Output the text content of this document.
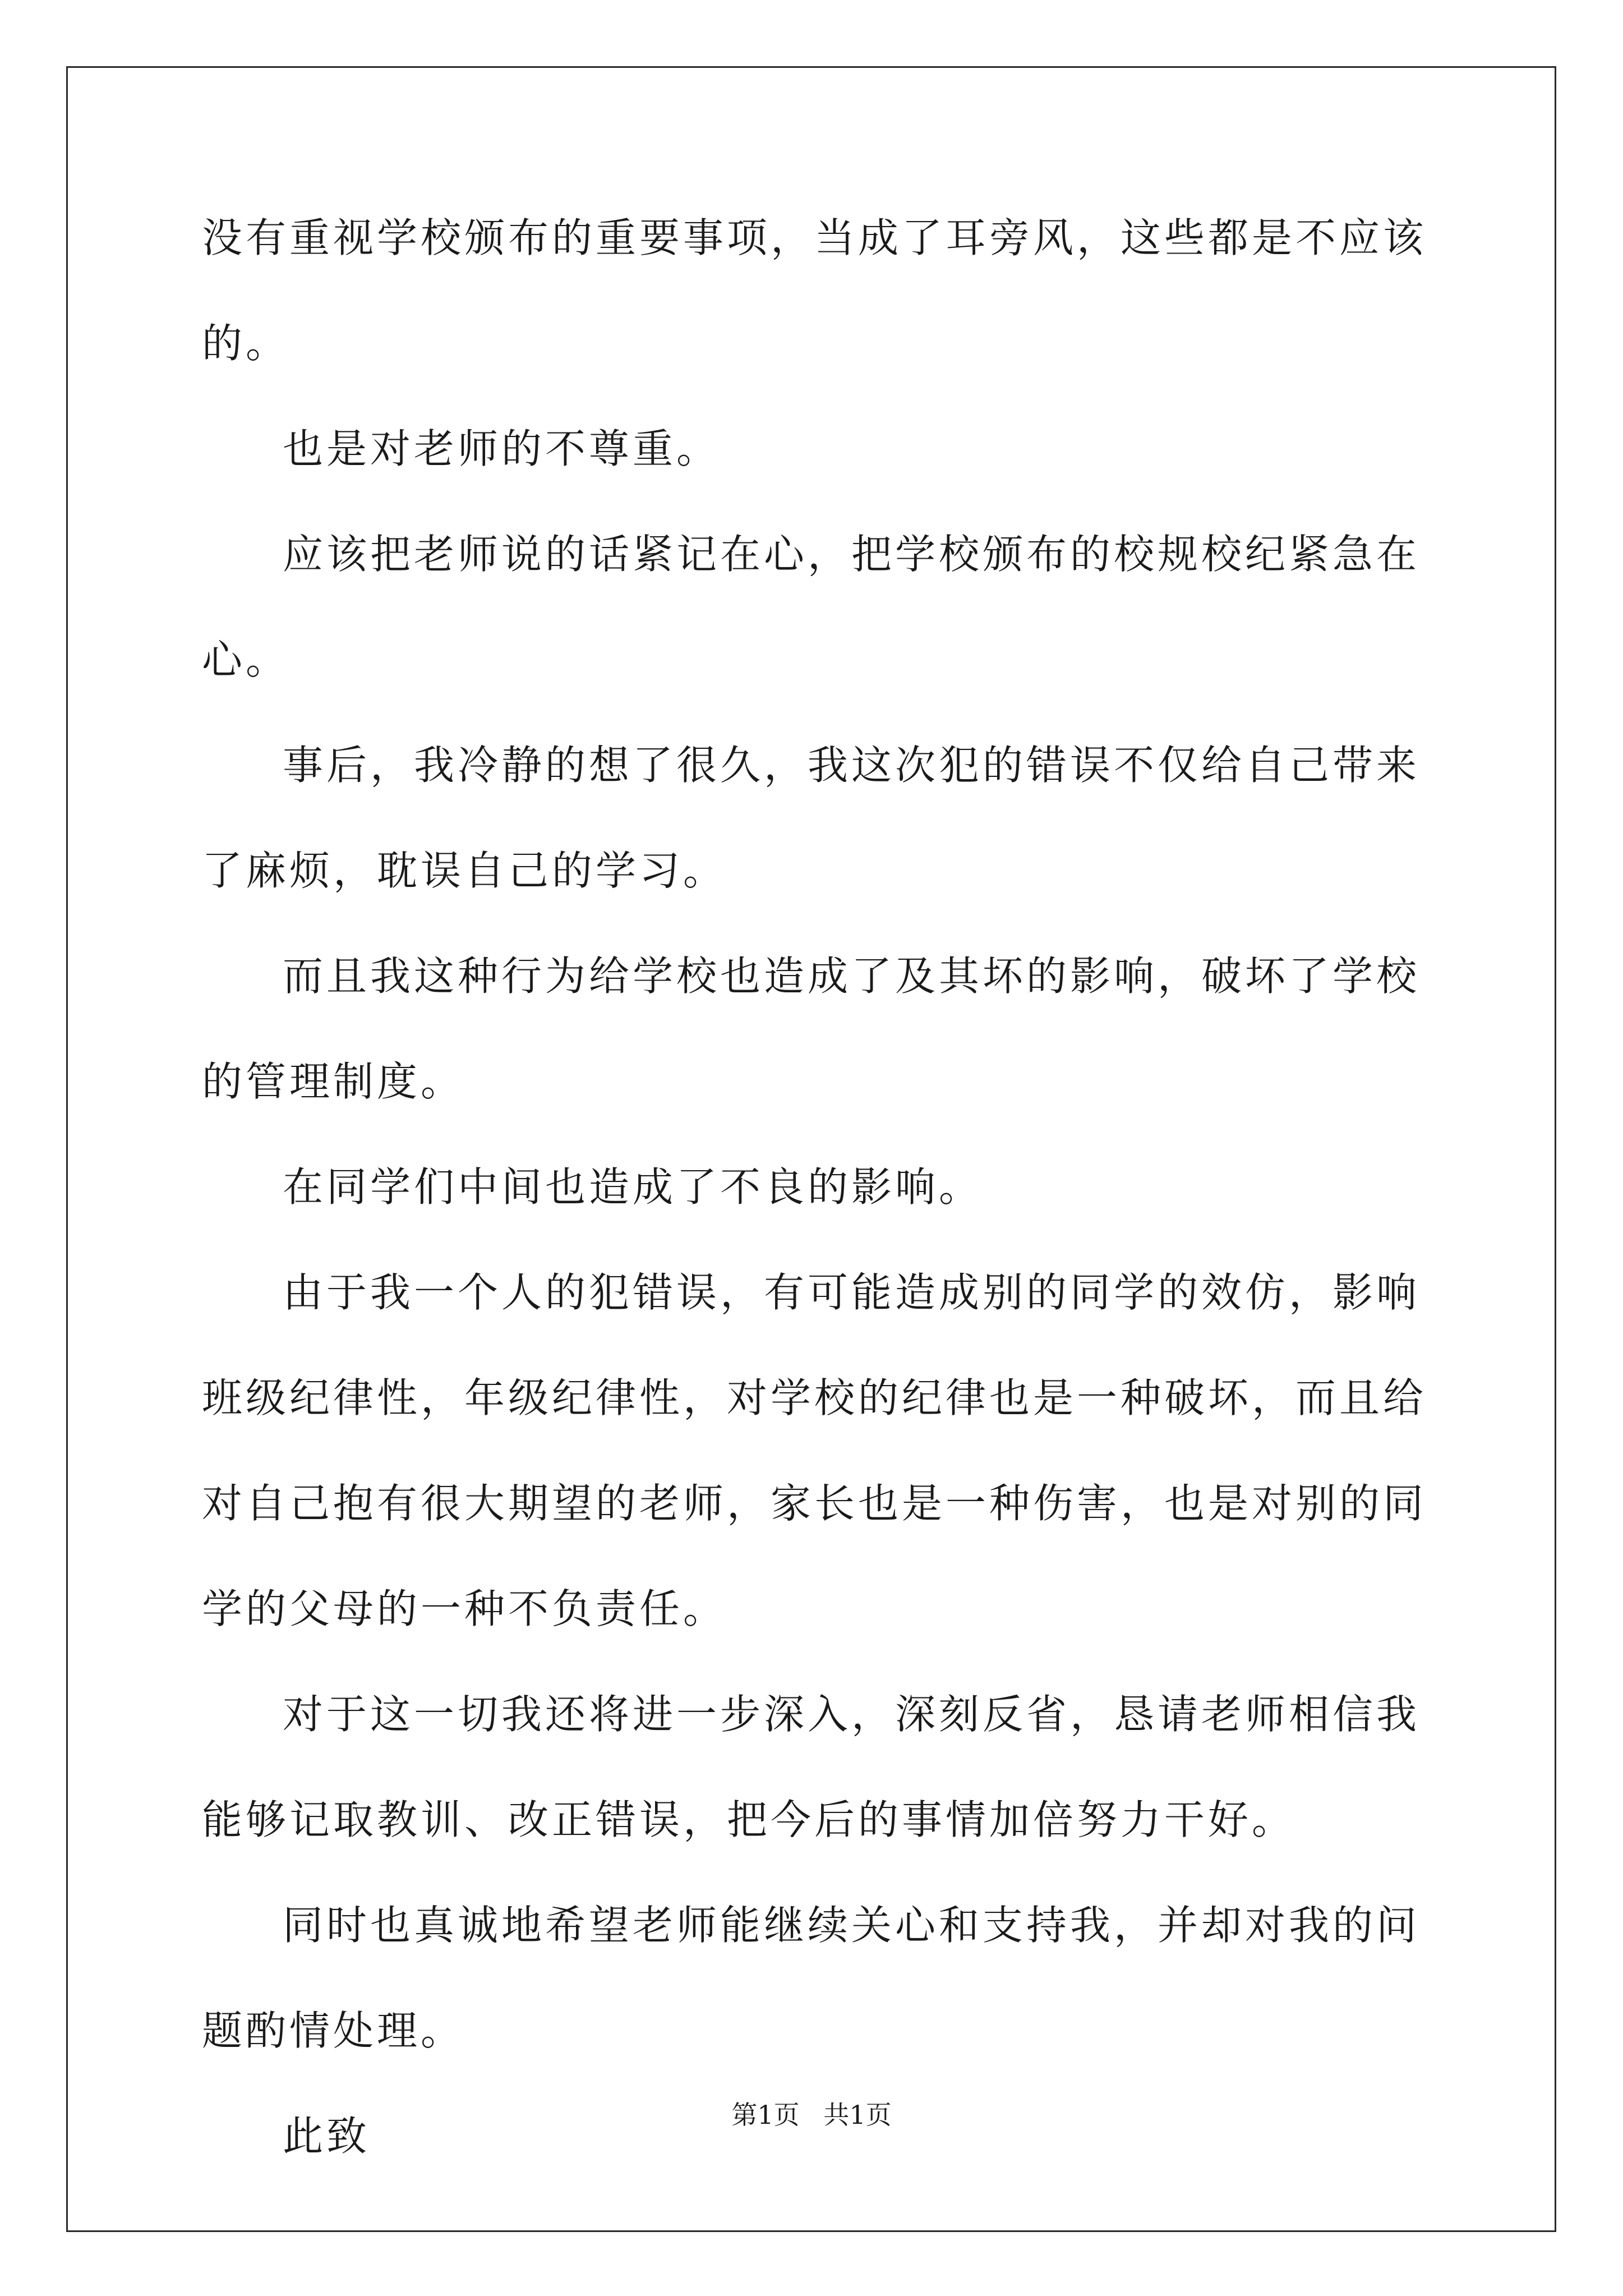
没有重视学校颁布的重要事项，当成了耳旁风，这些都是不应该的。

也是对老师的不尊重。

应该把老师说的话紧记在心，把学校颁布的校规校纪紧急在心。

事后，我冷静的想了很久，我这次犯的错误不仅给自己带来了麻烦，耽误自己的学习。

而且我这种行为给学校也造成了及其坏的影响，破坏了学校的管理制度。

在同学们中间也造成了不良的影响。

由于我一个人的犯错误，有可能造成别的同学的效仿，影响班级纪律性，年级纪律性，对学校的纪律也是一种破坏，而且给对自己抱有很大期望的老师，家长也是一种伤害，也是对别的同学的父母的一种不负责任。

对于这一切我还将进一步深入，深刻反省，恳请老师相信我能够记取教训、改正错误，把今后的事情加倍努力干好。

同时也真诚地希望老师能继续关心和支持我，并却对我的问题酌情处理。

此致	第1页 共1页
